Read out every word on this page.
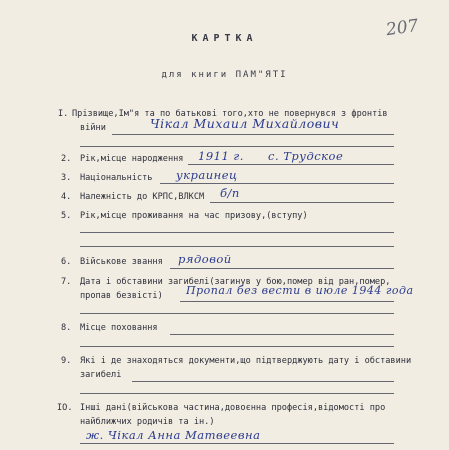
207
КАРТКА
для книги ПАМ"ЯТІ
I. Прізвище,Ім"я та по батькові того,хто не повернувся з фронтів
війни	Чікал Михаил Михайлович
2. Рік,місце народження 1911 г. с. Трудское
3. Національність украинец
4. Належність до КРПС,ВЛКСМ б/п
5. Рік,місце проживання на час призову,(вступу)
6. Військове звання рядовой
7. Дата і обставини загибелі(загинув у бою,помер від ран,помер,
пропав безвісті) Пропал без вести в июле 1944 года
8. Місце поховання
9. Які і де знаходяться документи,що підтверджують дату і обставини
загибелі
IO. Інші дані(військова частина,довоєнна професія,відомості про
найближчих родичів та ін.)
ж. Чікал Анна Матвеевна
